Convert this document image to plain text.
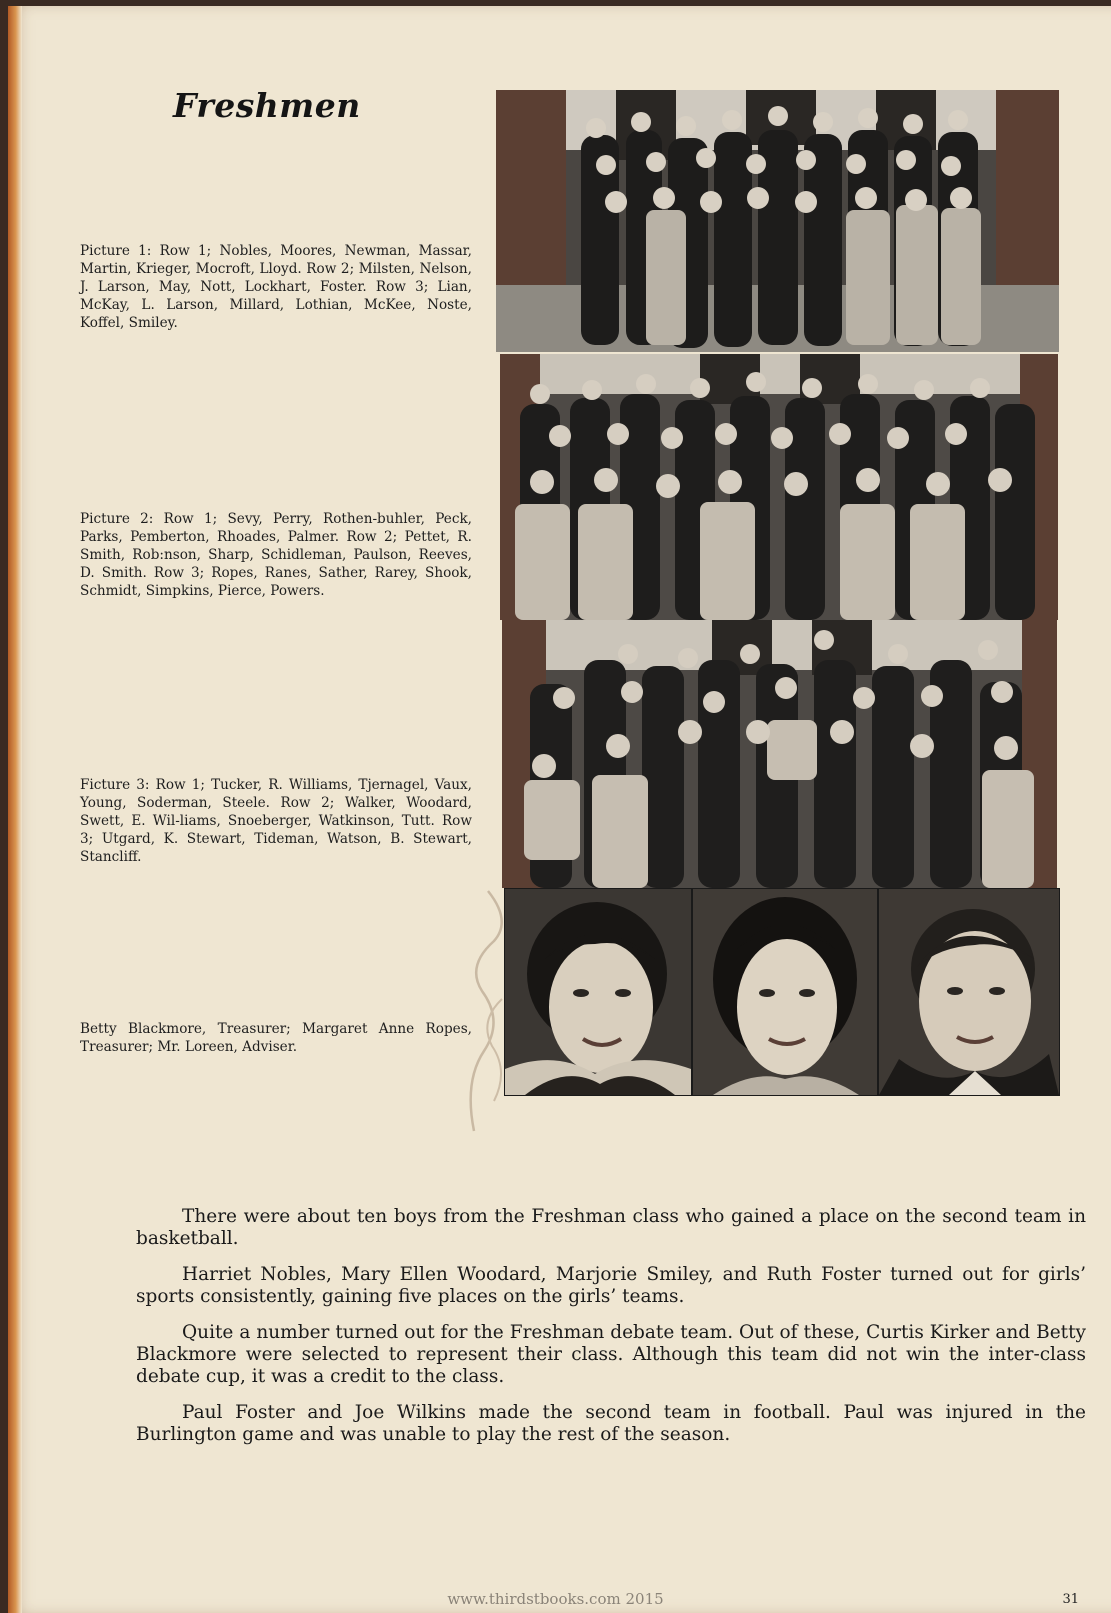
Freshmen

Picture 1: Row 1; Nobles, Moores, Newman, Massar, Martin, Krieger, Mocroft, Lloyd. Row 2; Milsten, Nelson, J. Larson, May, Nott, Lockhart, Foster. Row 3; Lian, McKay, L. Larson, Millard, Lothian, McKee, Noste, Koffel, Smiley.

Picture 2: Row 1; Sevy, Perry, Rothen-buhler, Peck, Parks, Pemberton, Rhoades, Palmer. Row 2; Pettet, R. Smith, Rob:nson, Sharp, Schidleman, Paulson, Reeves, D. Smith. Row 3; Ropes, Ranes, Sather, Rarey, Shook, Schmidt, Simpkins, Pierce, Powers.

Ficture 3: Row 1; Tucker, R. Williams, Tjernagel, Vaux, Young, Soderman, Steele. Row 2; Walker, Woodard, Swett, E. Wil-liams, Snoeberger, Watkinson, Tutt. Row 3; Utgard, K. Stewart, Tideman, Watson, B. Stewart, Stancliff.

Betty Blackmore, Treasurer; Margaret Anne Ropes, Treasurer; Mr. Loreen, Adviser.

There were about ten boys from the Freshman class who gained a place on the second team in basketball.

Harriet Nobles, Mary Ellen Woodard, Marjorie Smiley, and Ruth Foster turned out for girls’ sports consistently, gaining five places on the girls’ teams.

Quite a number turned out for the Freshman debate team. Out of these, Curtis Kirker and Betty Blackmore were selected to represent their class. Although this team did not win the inter-class debate cup, it was a credit to the class.

Paul Foster and Joe Wilkins made the second team in football. Paul was injured in the Burlington game and was unable to play the rest of the season.

31
www.thirdstbooks.com 2015
